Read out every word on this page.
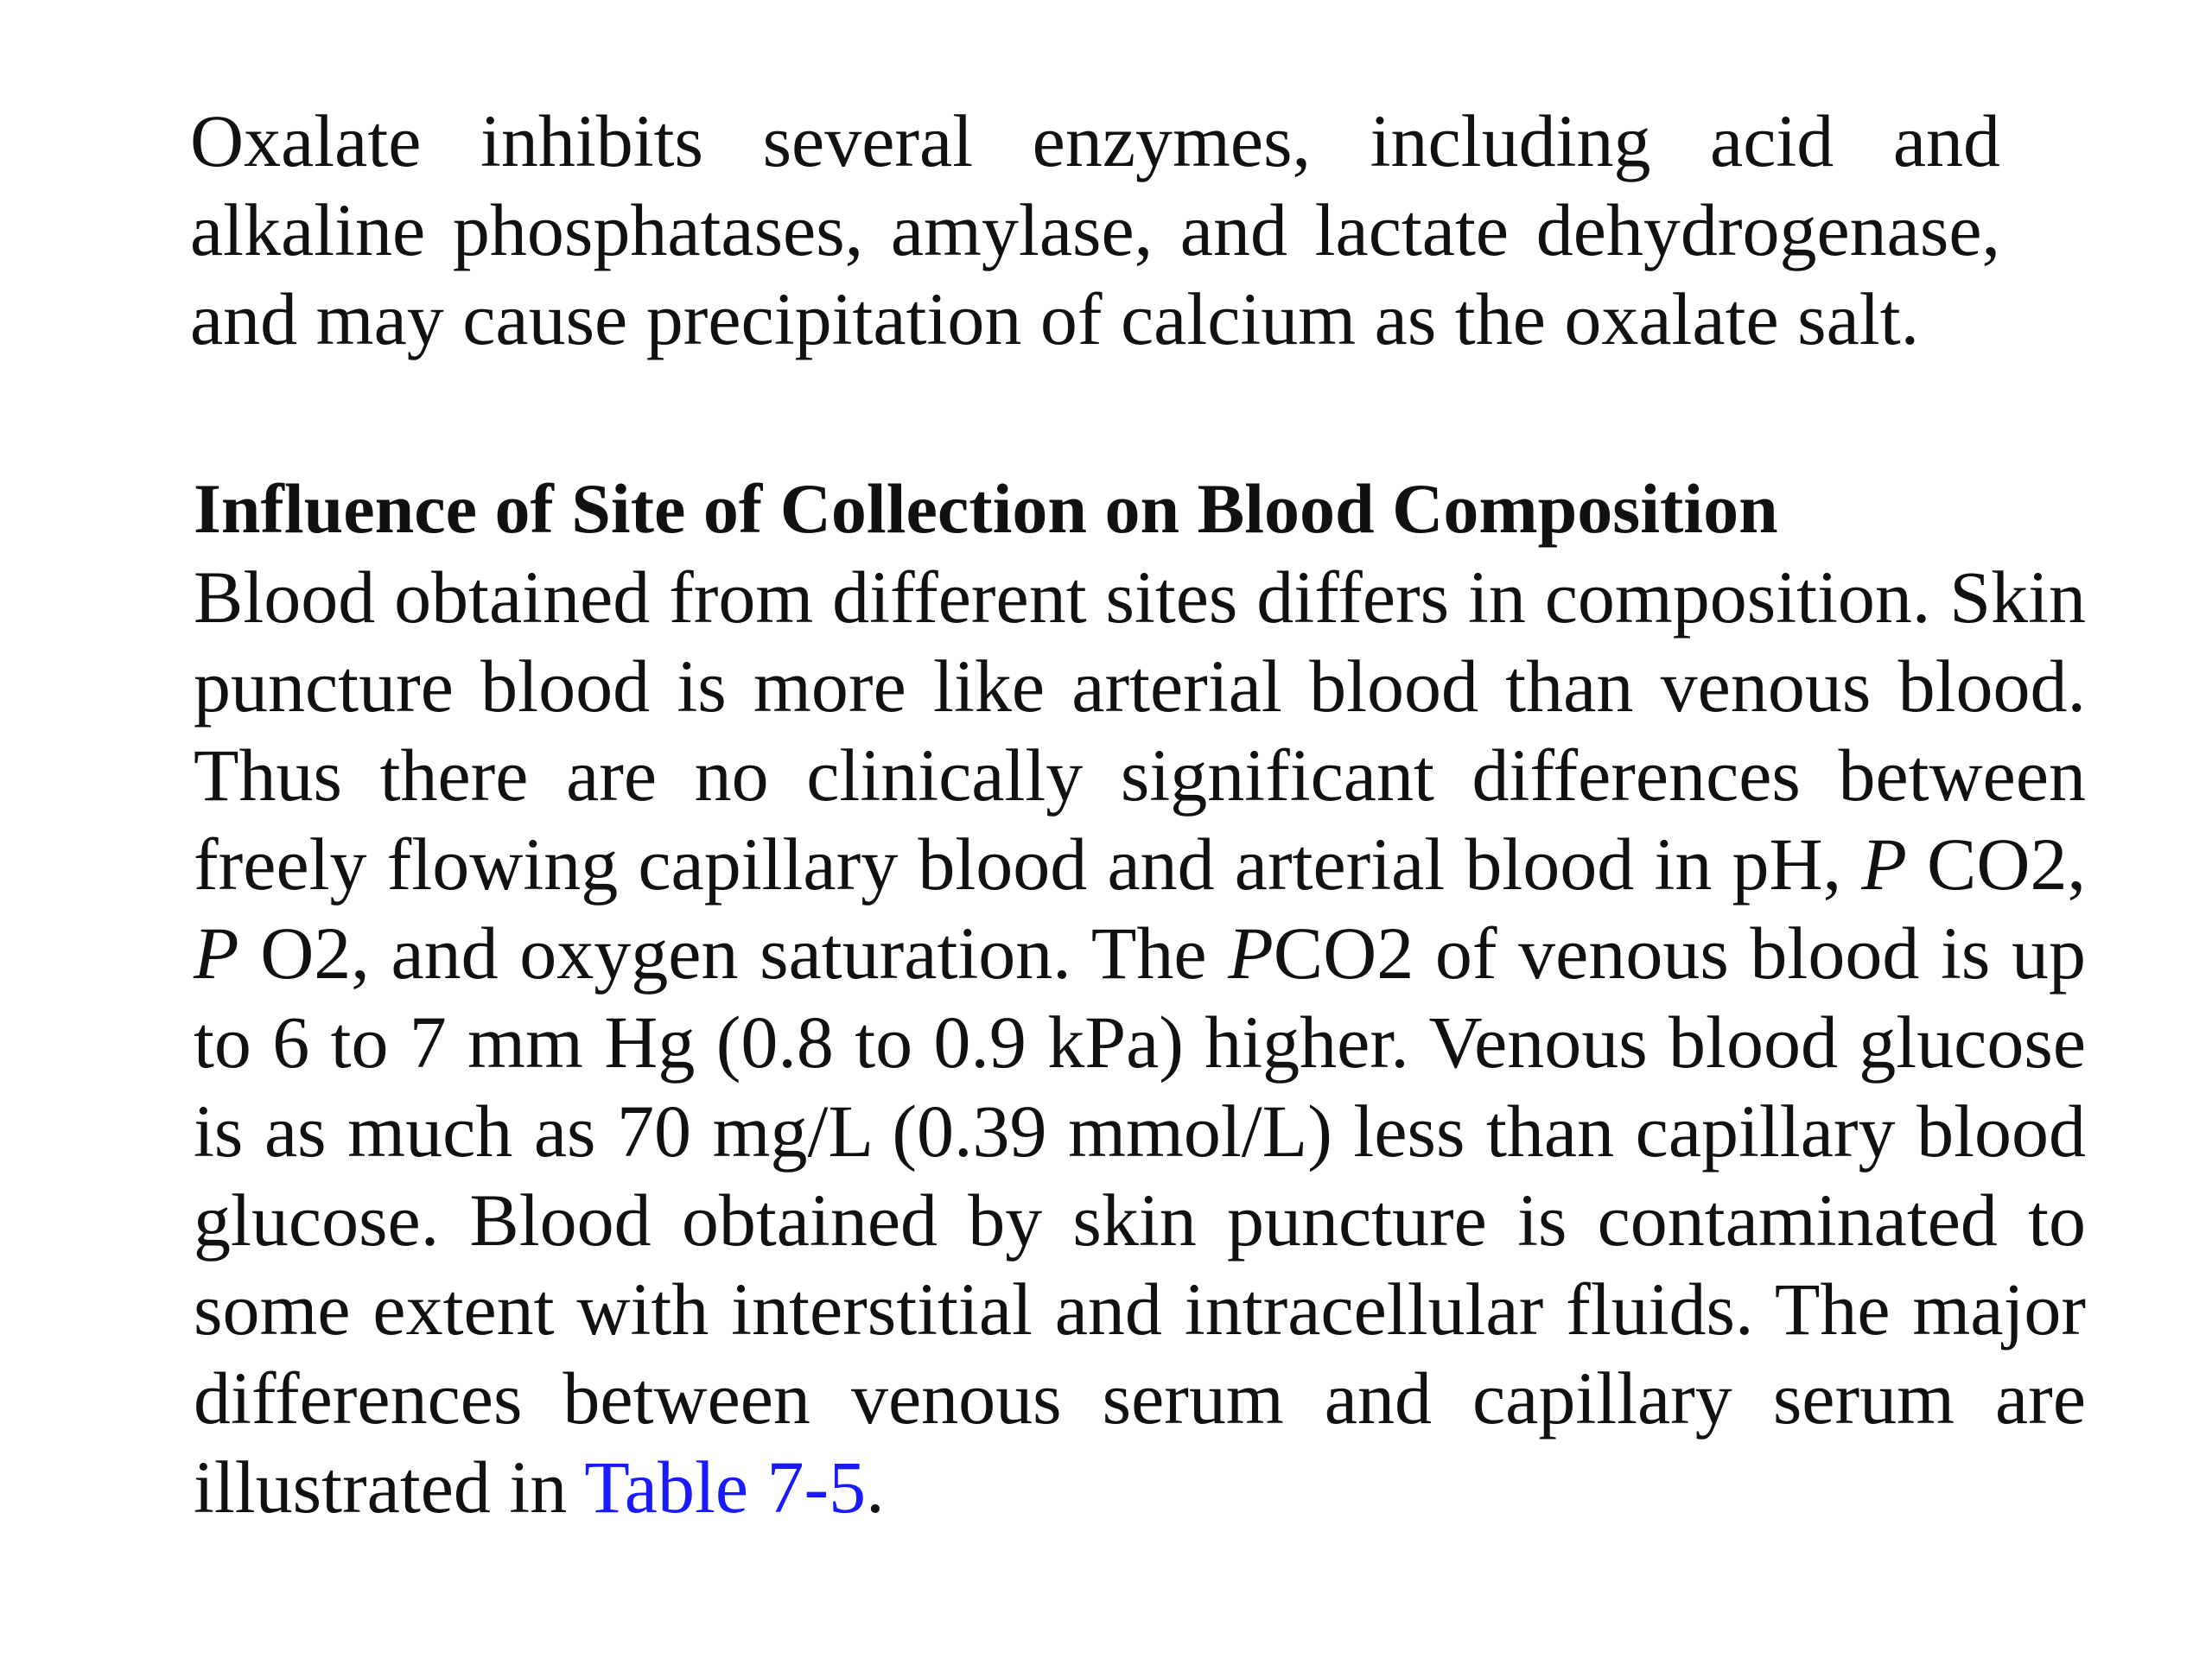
Oxalate inhibits several enzymes, including acid and alkaline phosphatases, amylase, and lactate dehydrogenase, and may cause precipitation of calcium as the oxalate salt.

Influence of Site of Collection on Blood Composition

Blood obtained from different sites differs in composition. Skin puncture blood is more like arterial blood than venous blood. Thus there are no clinically significant differences between freely flowing capillary blood and arterial blood in pH, P CO2, P O2, and oxygen saturation. The PCO2 of venous blood is up to 6 to 7 mm Hg (0.8 to 0.9 kPa) higher. Venous blood glucose is as much as 70 mg/L (0.39 mmol/L) less than capillary blood glucose. Blood obtained by skin puncture is contaminated to some extent with interstitial and intracellular fluids. The major differences between venous serum and capillary serum are illustrated in Table 7-5.
